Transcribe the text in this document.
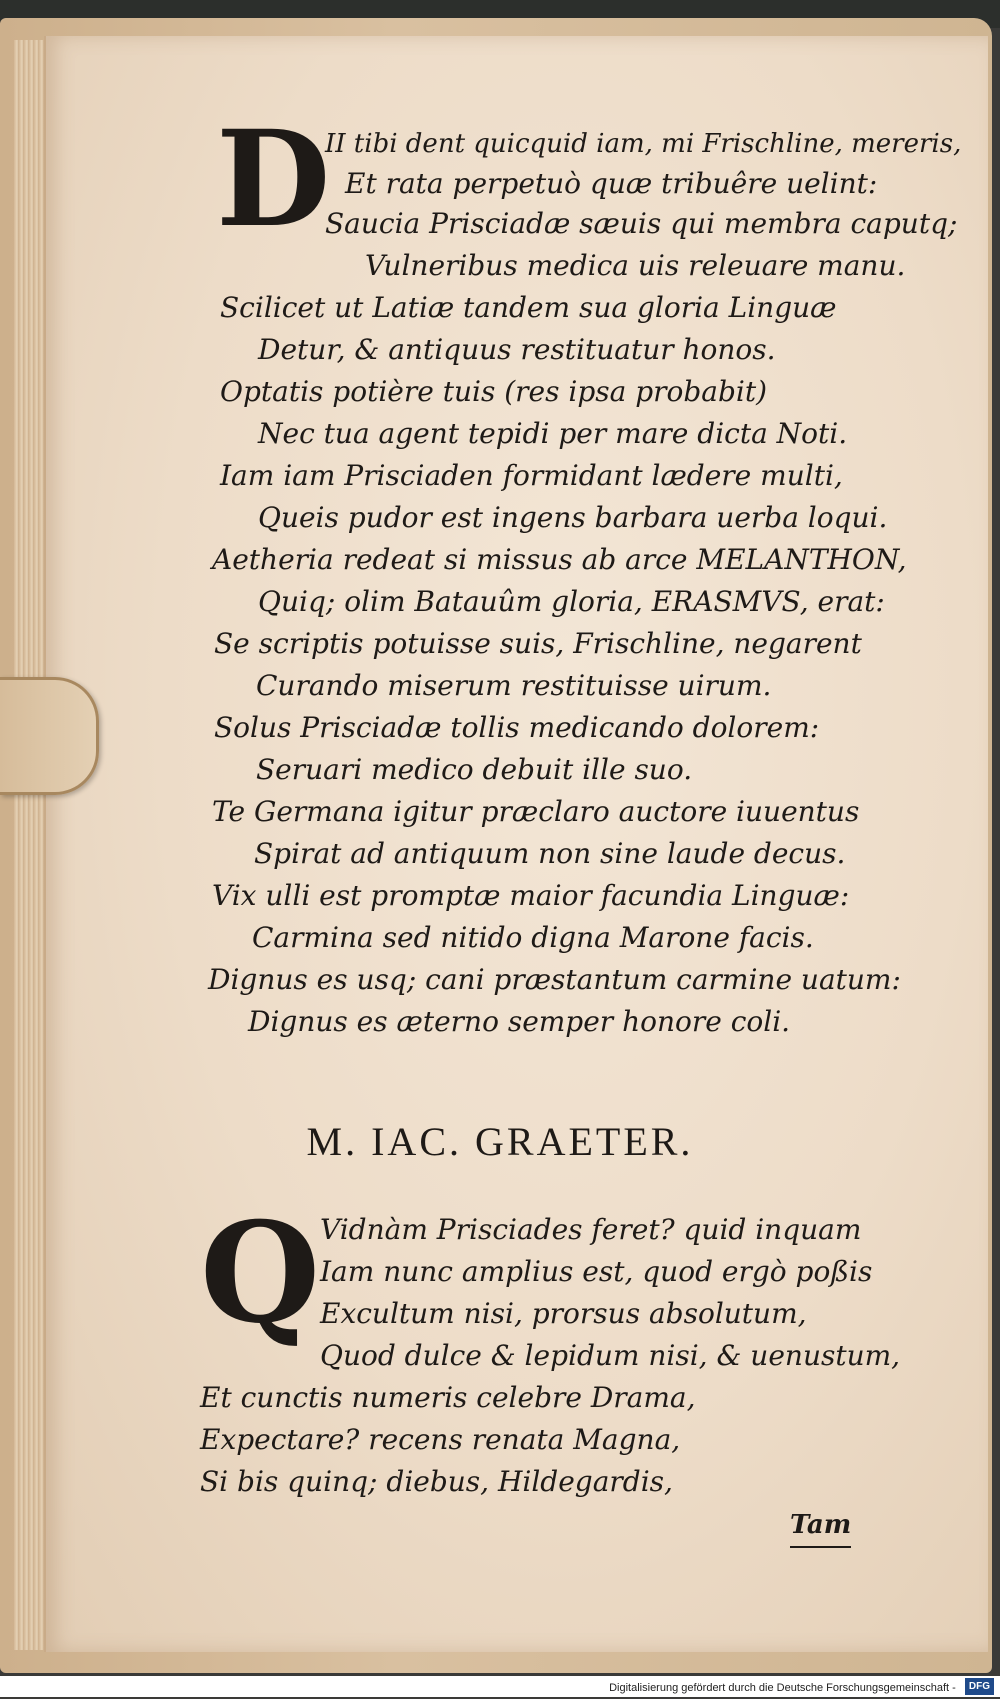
D
II tibi dent quicquid iam, mi Frischline, mereris,
Et rata perpetuò quæ tribuêre uelint:
Saucia Prisciadæ sæuis qui membra caputq;
Vulneribus medica uis releuare manu.
Scilicet ut Latiæ tandem sua gloria Linguæ
Detur, & antiquus restituatur honos.
Optatis potière tuis (res ipsa probabit)
Nec tua agent tepidi per mare dicta Noti.
Iam iam Prisciaden formidant lædere multi,
Queis pudor est ingens barbara uerba loqui.
Aetheria redeat si missus ab arce MELANTHON,
Quiq; olim Batauûm gloria, ERASMVS, erat:
Se scriptis potuisse suis, Frischline, negarent
Curando miserum restituisse uirum.
Solus Prisciadæ tollis medicando dolorem:
Seruari medico debuit ille suo.
Te Germana igitur præclaro auctore iuuentus
Spirat ad antiquum non sine laude decus.
Vix ulli est promptæ maior facundia Linguæ:
Carmina sed nitido digna Marone facis.
Dignus es usq; cani præstantum carmine uatum:
Dignus es æterno semper honore coli.
M. IAC. GRAETER.
Q Vidnàm Prisciades feret? quid inquam
Iam nunc amplius est, quod ergò poßis
Excultum nisi, prorsus absolutum,
Quod dulce & lepidum nisi, & uenustum,
Et cunctis numeris celebre Drama,
Expectare? recens renata Magna,
Si bis quinq; diebus, Hildegardis,
Tam
Digitalisierung gefördert durch die Deutsche Forschungsgemeinschaft - DFG
